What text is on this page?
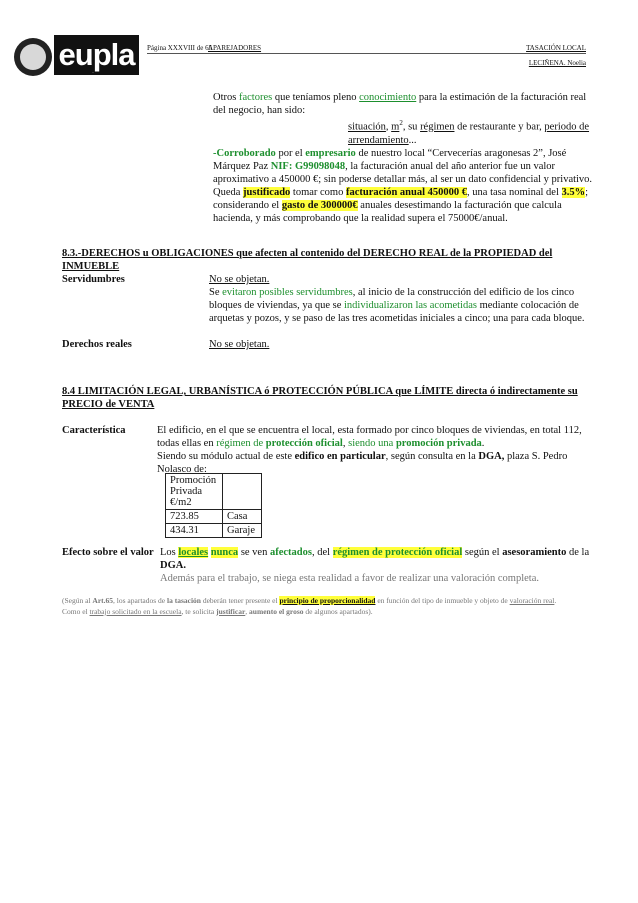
eupla	Página XXXVIII de 65
APAREJADORES	TASACIÓN LOCAL
LECIÑENA. Noelia
Otros factores que teníamos pleno conocimiento para la estimación de la facturación real del negocio, han sido:
situación, $m^2$, su régimen de restaurante y bar, periodo de arrendamiento...
-Corroborado por el empresario de nuestro local “Cervecerías aragonesas 2”, José Márquez Paz NIF: G99098048, la facturación anual del año anterior fue un valor aproximativo a 450000 €; sin poderse detallar más, al ser un dato confidencial y privativo.
Queda justificado tomar como facturación anual 450000 €, una tasa nominal del 3.5%; considerando el gasto de 300000€ anuales desestimando la facturación que calcula hacienda, y más comprobando que la realidad supera el 75000€/anual.
8.3.-DERECHOS u OBLIGACIONES que afecten al contenido del DERECHO REAL de la PROPIEDAD del INMUEBLE
Servidumbres	No se objetan.
Se evitaron posibles servidumbres, al inicio de la construcción del edificio de los cinco bloques de viviendas, ya que se individualizaron las acometidas mediante colocación de arquetas y pozos, y se paso de las tres acometidas iniciales a cinco; una para cada bloque.
Derechos reales	No se objetan.
8.4 LIMITACIÓN LEGAL, URBANÍSTICA ó PROTECCIÓN PÚBLICA que LÍMITE directa ó indirectamente su PRECIO de VENTA
Característica	El edificio, en el que se encuentra el local, esta formado por cinco bloques de viviendas, en total 112, todas ellas en régimen de protección oficial, siendo una promoción privada.
Siendo su módulo actual de este edifico en particular, según consulta en la DGA, plaza S. Pedro Nolasco de:
Promoción Privada €/m2	
723.85	Casa
434.31	Garaje
Efecto sobre el valor Los locales nunca se ven afectados, del régimen de protección oficial según el asesoramiento de la DGA.
Además para el trabajo, se niega esta realidad a favor de realizar una valoración completa.
(Según al Art.65, los apartados de la tasación deberán tener presente el principio de proporcionalidad en función del tipo de inmueble y objeto de valoración real.
Como el trabajo solicitado en la escuela, te solicita justificar, aumento el groso de algunos apartados).
